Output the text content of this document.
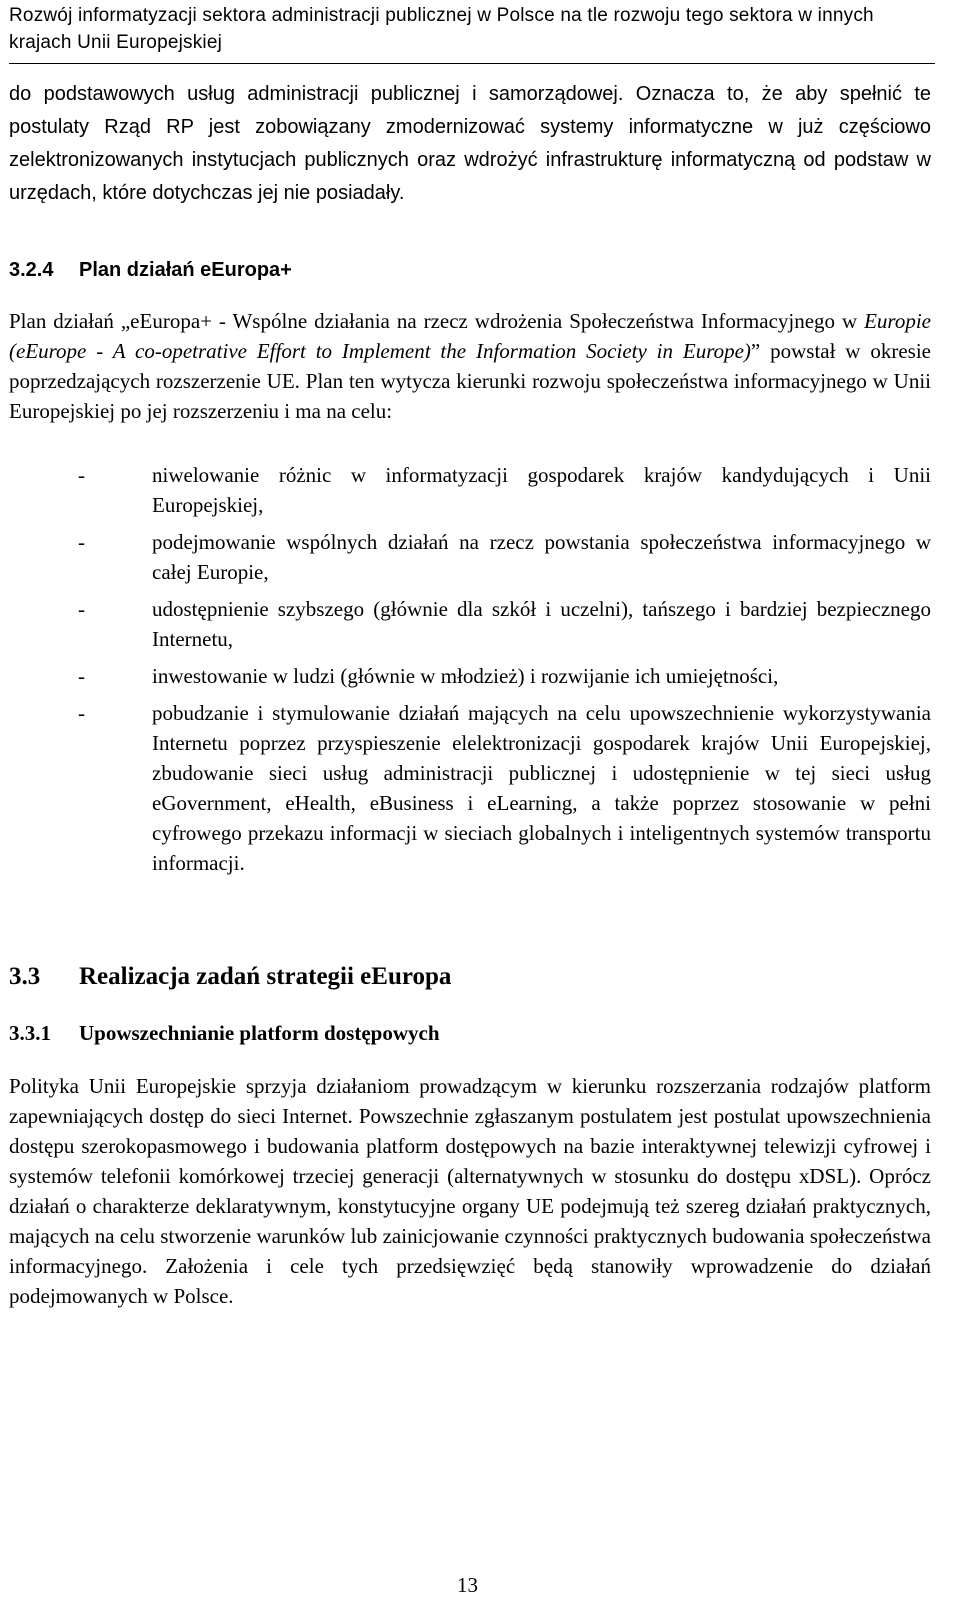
Rozwój informatyzacji sektora administracji publicznej w Polsce na tle rozwoju tego sektora w innych krajach Unii Europejskiej

do podstawowych usług administracji publicznej i samorządowej. Oznacza to, że aby spełnić te postulaty Rząd RP jest zobowiązany zmodernizować systemy informatyczne w już częściowo zelektronizowanych instytucjach publicznych oraz wdrożyć infrastrukturę informatyczną od podstaw w urzędach, które dotychczas jej nie posiadały.

3.2.4 Plan działań eEuropa+

Plan działań „eEuropa+ - Wspólne działania na rzecz wdrożenia Społeczeństwa Informacyjnego w Europie (eEurope - A co-opetrative Effort to Implement the Information Society in Europe)” powstał w okresie poprzedzających rozszerzenie UE. Plan ten wytycza kierunki rozwoju społeczeństwa informacyjnego w Unii Europejskiej po jej rozszerzeniu i ma na celu:

-	niwelowanie różnic w informatyzacji gospodarek krajów kandydujących i Unii Europejskiej,
-	podejmowanie wspólnych działań na rzecz powstania społeczeństwa informacyjnego w całej Europie,
-	udostępnienie szybszego (głównie dla szkół i uczelni), tańszego i bardziej bezpiecznego Internetu,
-	inwestowanie w ludzi (głównie w młodzież) i rozwijanie ich umiejętności,
-	pobudzanie i stymulowanie działań mających na celu upowszechnienie wykorzystywania Internetu poprzez przyspieszenie elelektronizacji gospodarek krajów Unii Europejskiej, zbudowanie sieci usług administracji publicznej i udostępnienie w tej sieci usług eGovernment, eHealth, eBusiness i eLearning, a także poprzez stosowanie w pełni cyfrowego przekazu informacji w sieciach globalnych i inteligentnych systemów transportu informacji.
3.3 Realizacja zadań strategii eEuropa
3.3.1 Upowszechnianie platform dostępowych

Polityka Unii Europejskie sprzyja działaniom prowadzącym w kierunku rozszerzania rodzajów platform zapewniających dostęp do sieci Internet. Powszechnie zgłaszanym postulatem jest postulat upowszechnienia dostępu szerokopasmowego i budowania platform dostępowych na bazie interaktywnej telewizji cyfrowej i systemów telefonii komórkowej trzeciej generacji (alternatywnych w stosunku do dostępu xDSL). Oprócz działań o charakterze deklaratywnym, konstytucyjne organy UE podejmują też szereg działań praktycznych, mających na celu stworzenie warunków lub zainicjowanie czynności praktycznych budowania społeczeństwa informacyjnego. Założenia i cele tych przedsięwzięć będą stanowiły wprowadzenie do działań podejmowanych w Polsce.

13
